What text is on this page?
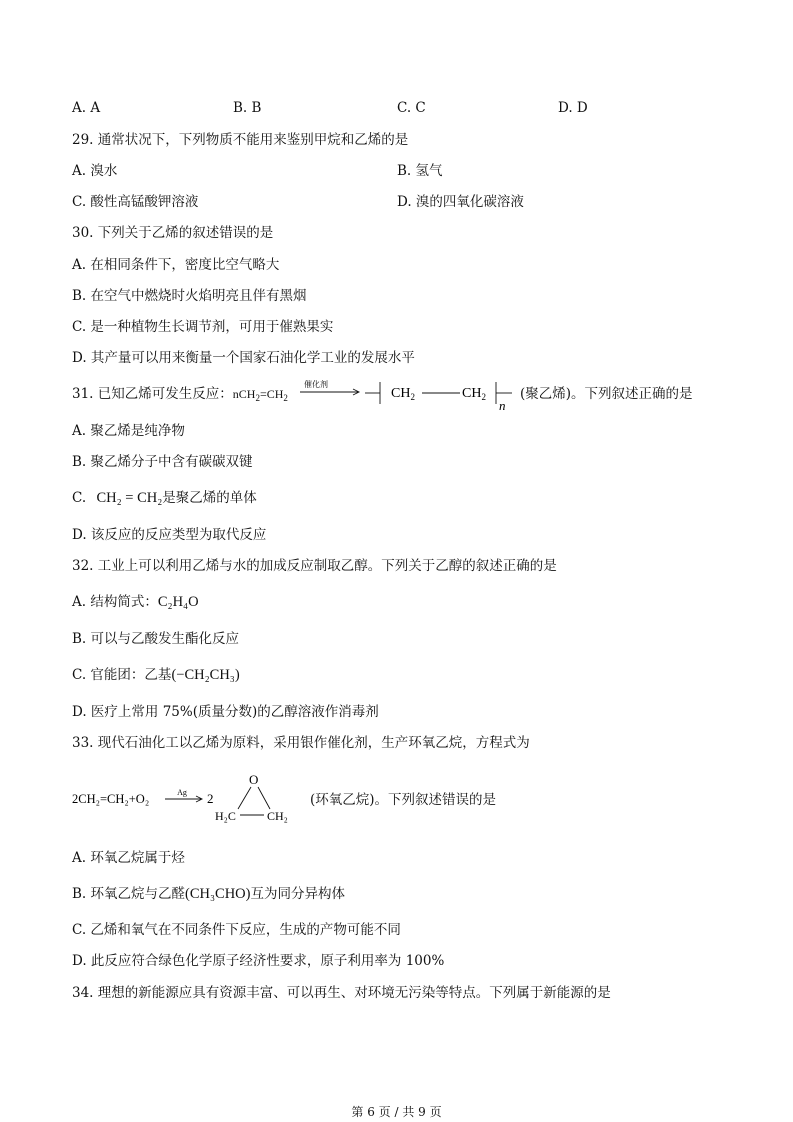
A. A	B. B	C. C	D. D
29. 通常状况下，下列物质不能用来鉴别甲烷和乙烯的是
A. 溴水	B. 氢气
C. 酸性高锰酸钾溶液	D. 溴的四氧化碳溶液
30. 下列关于乙烯的叙述错误的是
A. 在相同条件下，密度比空气略大
B. 在空气中燃烧时火焰明亮且伴有黑烟
C. 是一种植物生长调节剂，可用于催熟果实
D. 其产量可以用来衡量一个国家石油化学工业的发展水平
31. 已知乙烯可发生反应：$nCH_2=CH_2$
催化剂
$CH_2$	$CH_2$
n
(聚乙烯)。下列叙述正确的是
A. 聚乙烯是纯净物
B. 聚乙烯分子中含有碳碳双键
C. CH₂ = CH₂是聚乙烯的单体
D. 该反应的反应类型为取代反应
32. 工业上可以利用乙烯与水的加成反应制取乙醇。下列关于乙醇的叙述正确的是
A. 结构简式：C₂H₄O
B. 可以与乙酸发生酯化反应
C. 官能团：乙基(−CH₂CH₃)
D. 医疗上常用 75%(质量分数)的乙醇溶液作消毒剂
33. 现代石油化工以乙烯为原料，采用银作催化剂，生产环氧乙烷，方程式为
2CH₂=CH₂+O₂	Ag 2
O
H₂C	CH₂
(环氧乙烷)。下列叙述错误的是
A. 环氧乙烷属于烃
B. 环氧乙烷与乙醛(CH₃CHO)互为同分异构体
C. 乙烯和氧气在不同条件下反应，生成的产物可能不同
D. 此反应符合绿色化学原子经济性要求，原子利用率为 100%
34. 理想的新能源应具有资源丰富、可以再生、对环境无污染等特点。下列属于新能源的是
第 6 页 / 共 9 页
